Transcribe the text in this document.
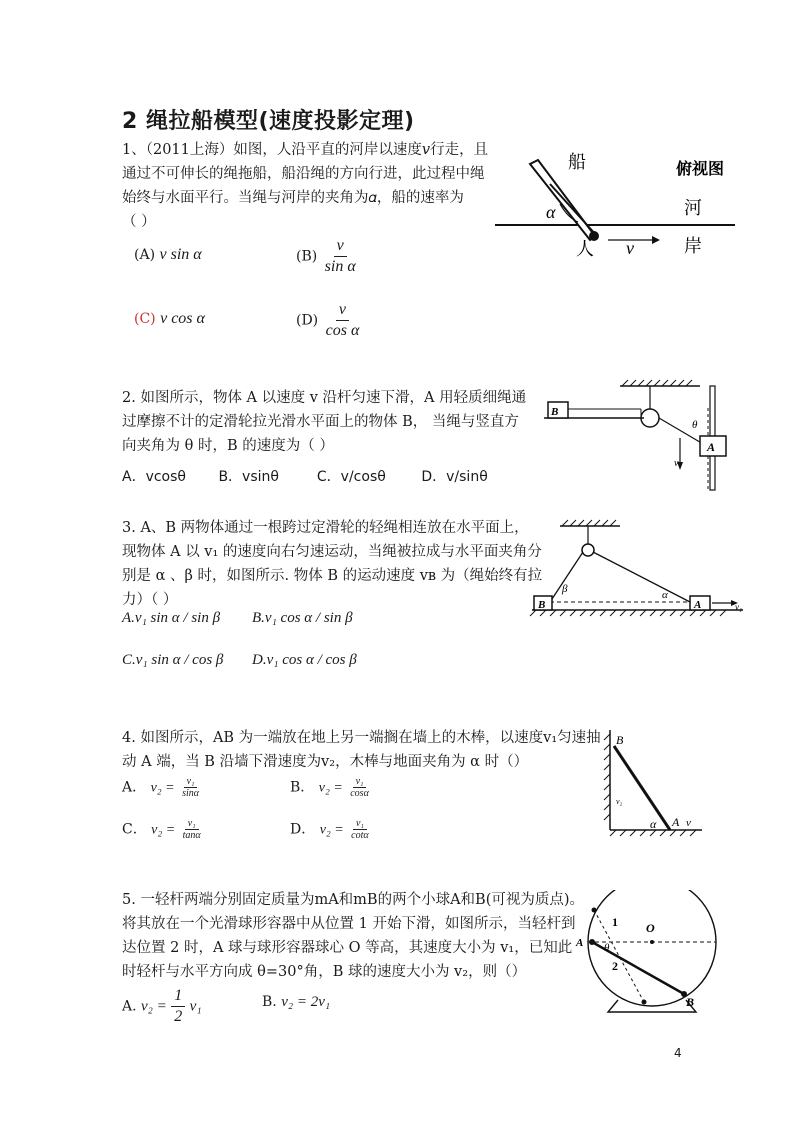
2 绳拉船模型(速度投影定理)
1、（2011上海）如图，人沿平直的河岸以速度𝑣行走，且
通过不可伸长的绳拖船，船沿绳的方向行进，此过程中绳
始终与水面平行。当绳与河岸的夹角为𝛼，船的速率为
（ ）
(A) v sin α	$(B) \frac{v}{\text{sin α}}$
(C) v cos α	$(D) \frac{v}{\text{cos α}}$
船	俯视图
河
岸
人
α
v
2. 如图所示，物体 A 以速度 v 沿杆匀速下滑，A 用轻质细绳通
过摩擦不计的定滑轮拉光滑水平面上的物体 B， 当绳与竖直方
向夹角为 θ 时，B 的速度为（ ）
A．vcosθ B．vsinθ	C．v/cosθ	D．v/sinθ
B
A
θ
v
3. A、B 两物体通过一根跨过定滑轮的轻绳相连放在水平面上，
现物体 A 以 v₁ 的速度向右匀速运动，当绳被拉成与水平面夹角分
别是 α 、β 时，如图所示. 物体 B 的运动速度 vв 为（绳始终有拉
力）（ ）
A.v₁ sin α / sin β B.v₁ cos α / sin β
C.v₁ sin α / cos β D.v₁ cos α / cos β
B	A
β	α
v₁
4. 如图所示，AB 为一端放在地上另一端搁在墙上的木棒，以速度v₁匀速抽
动 A 端，当 B 沿墙下滑速度为v₂，木棒与地面夹角为 α 时（）
A． $v_2 = \frac{\text{v₁}}{\sin\alpha}$	B． $v_2 = \frac{\text{v₁}}{\cos\alpha}$
C． $v_2 = \frac{\text{v₁}}{\tan\alpha}$	D． $v_2 = \frac{\text{v₁}}{\cot\alpha}$
B
A
α	v
v₂
5. 一轻杆两端分别固定质量为mA和mB的两个小球A和B(可视为质点)。
将其放在一个光滑球形容器中从位置 1 开始下滑，如图所示，当轻杆到
达位置 2 时，A 球与球形容器球心 O 等高，其速度大小为 v₁，已知此
时轻杆与水平方向成 θ=30°角，B 球的速度大小为 v₂，则（）
A. $v_2 = \frac{1}{2} v_1$	B. v₂ = 2v₁
1
2
O
A
B
θ
4
